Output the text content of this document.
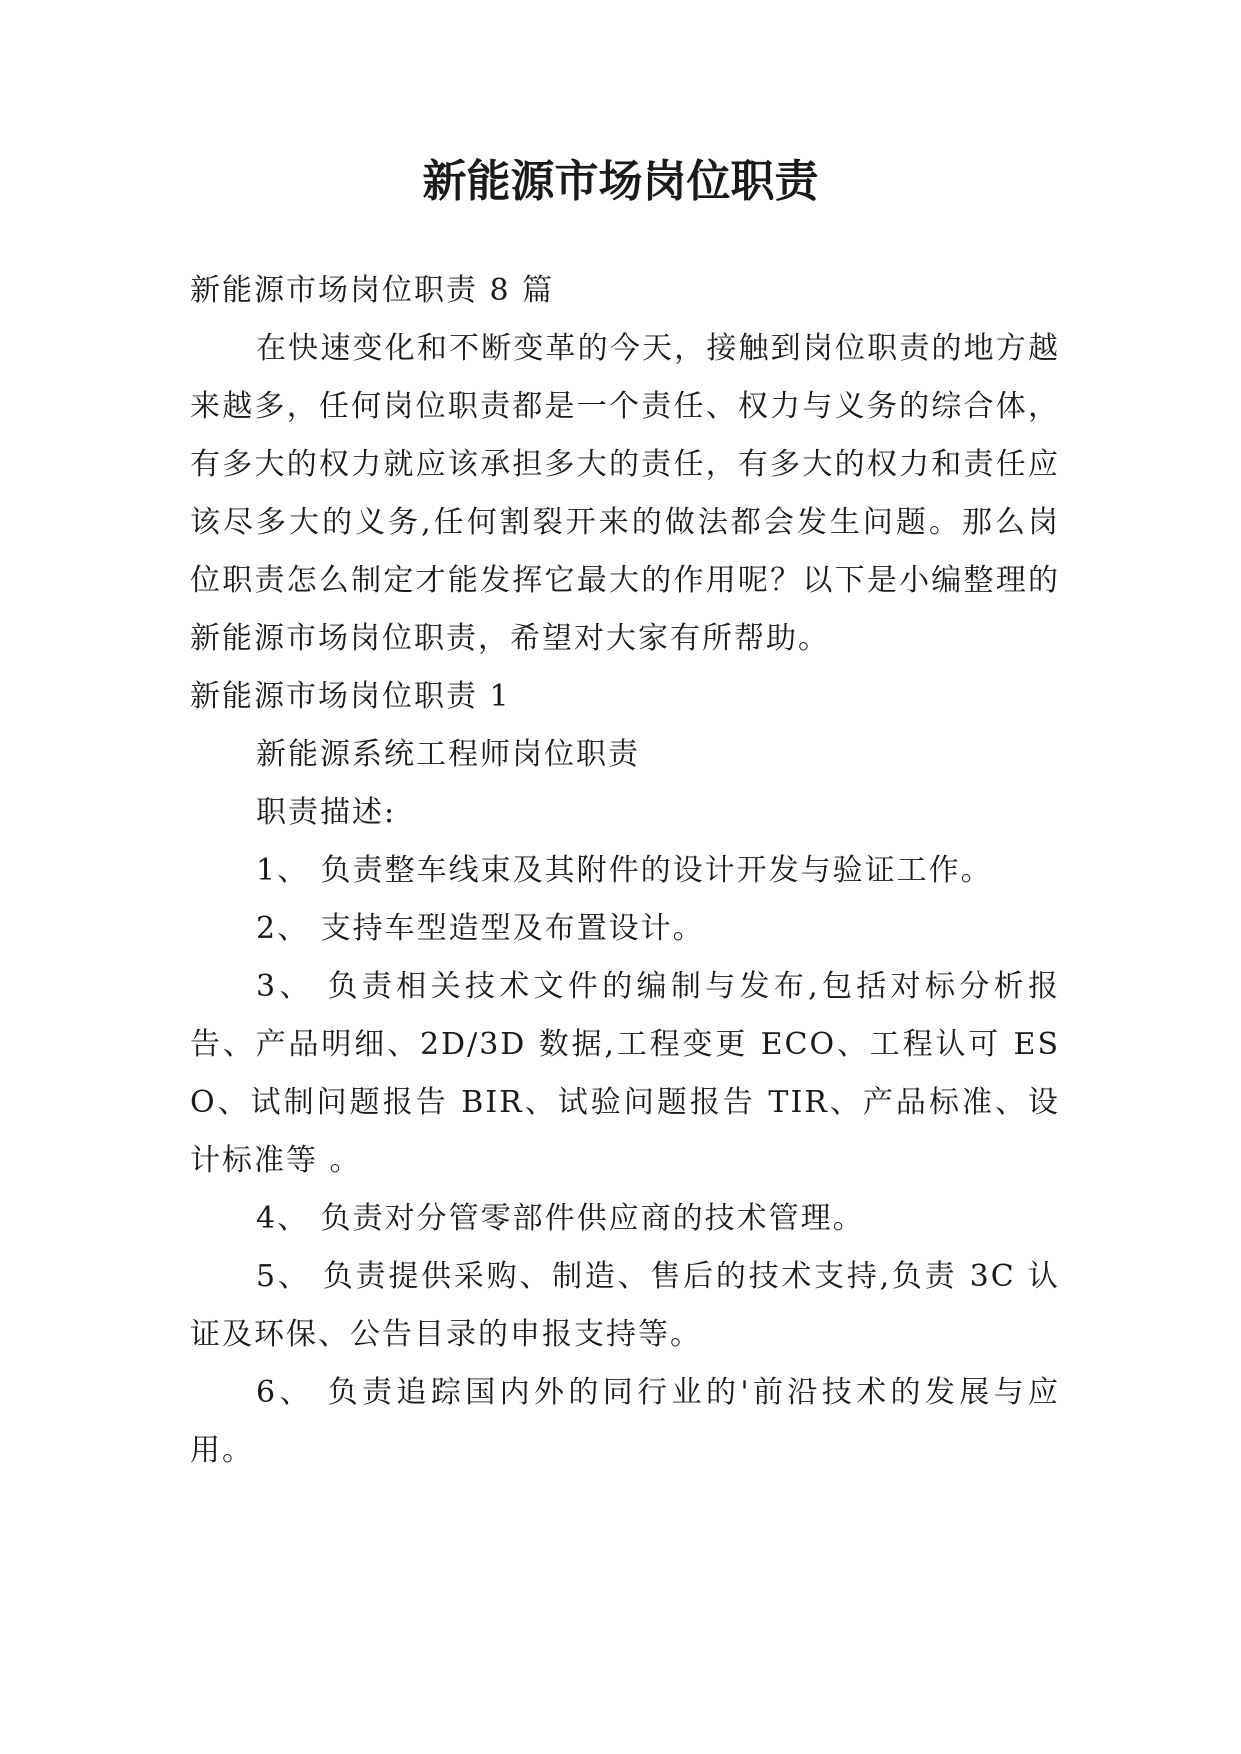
新能源市场岗位职责

新能源市场岗位职责 8 篇

在快速变化和不断变革的今天，接触到岗位职责的地方越来越多，任何岗位职责都是一个责任、权力与义务的综合体，有多大的权力就应该承担多大的责任，有多大的权力和责任应该尽多大的义务,任何割裂开来的做法都会发生问题。那么岗位职责怎么制定才能发挥它最大的作用呢？以下是小编整理的新能源市场岗位职责，希望对大家有所帮助。

新能源市场岗位职责 1

新能源系统工程师岗位职责

职责描述:

1、 负责整车线束及其附件的设计开发与验证工作。

2、 支持车型造型及布置设计。

3、 负责相关技术文件的编制与发布,包括对标分析报告、产品明细、2D/3D 数据,工程变更 ECO、工程认可 ESO、试制问题报告 BIR、试验问题报告 TIR、产品标准、设计标准等 。

4、 负责对分管零部件供应商的技术管理。

5、 负责提供采购、制造、售后的技术支持,负责 3C 认证及环保、公告目录的申报支持等。

6、 负责追踪国内外的同行业的'前沿技术的发展与应用。
